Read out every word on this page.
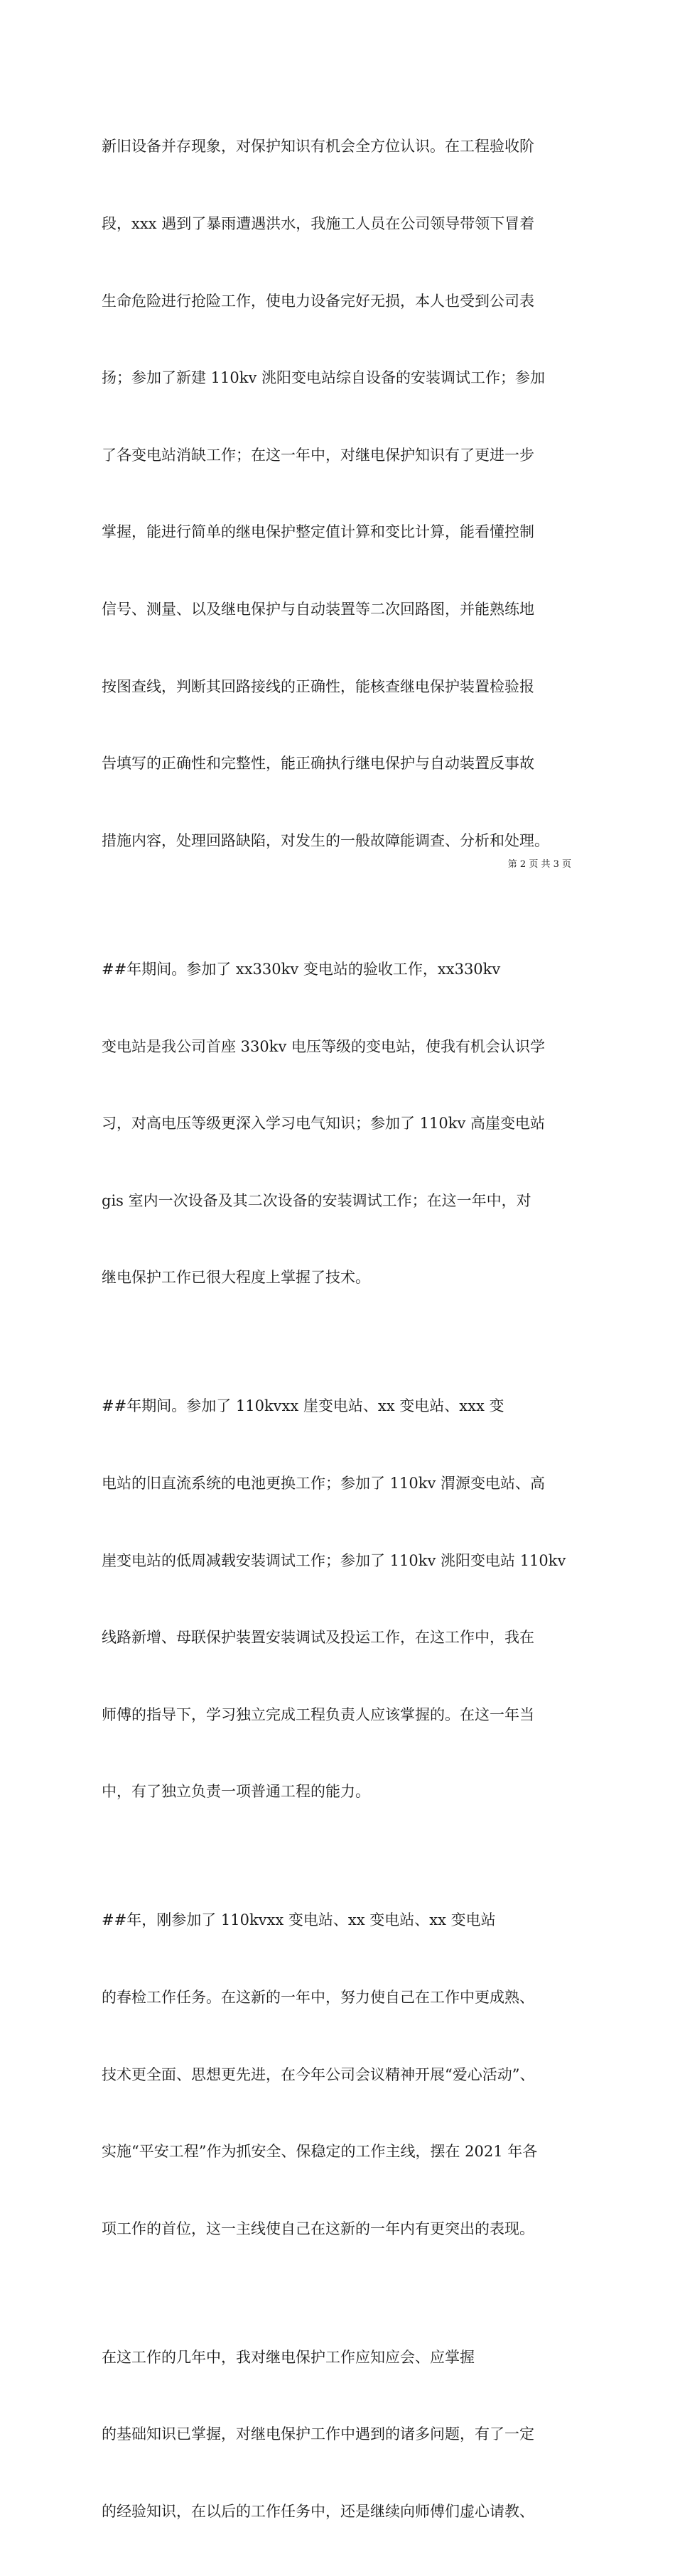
新旧设备并存现象，对保护知识有机会全方位认识。在工程验收阶

段，xxx 遇到了暴雨遭遇洪水，我施工人员在公司领导带领下冒着

生命危险进行抢险工作，使电力设备完好无损，本人也受到公司表

扬；参加了新建 110kv 洮阳变电站综自设备的安装调试工作；参加

了各变电站消缺工作；在这一年中，对继电保护知识有了更进一步

掌握，能进行简单的继电保护整定值计算和变比计算，能看懂控制

信号、测量、以及继电保护与自动装置等二次回路图，并能熟练地

按图查线，判断其回路接线的正确性，能核查继电保护装置检验报

告填写的正确性和完整性，能正确执行继电保护与自动装置反事故

措施内容，处理回路缺陷，对发生的一般故障能调查、分析和处理。

##年期间。参加了 xx330kv 变电站的验收工作，xx330kv

变电站是我公司首座 330kv 电压等级的变电站，使我有机会认识学

习，对高电压等级更深入学习电气知识；参加了 110kv 高崖变电站

gis 室内一次设备及其二次设备的安装调试工作；在这一年中，对

继电保护工作已很大程度上掌握了技术。

##年期间。参加了 110kvxx 崖变电站、xx 变电站、xxx 变

电站的旧直流系统的电池更换工作；参加了 110kv 渭源变电站、高

崖变电站的低周减载安装调试工作；参加了 110kv 洮阳变电站 110kv

线路新增、母联保护装置安装调试及投运工作，在这工作中，我在

师傅的指导下，学习独立完成工程负责人应该掌握的。在这一年当

中，有了独立负责一项普通工程的能力。

##年，刚参加了 110kvxx 变电站、xx 变电站、xx 变电站

的春检工作任务。在这新的一年中，努力使自己在工作中更成熟、

技术更全面、思想更先进，在今年公司会议精神开展“爱心活动”、

实施“平安工程”作为抓安全、保稳定的工作主线，摆在 2021 年各

项工作的首位，这一主线使自己在这新的一年内有更突出的表现。

在这工作的几年中，我对继电保护工作应知应会、应掌握

的基础知识已掌握，对继电保护工作中遇到的诸多问题，有了一定

的经验知识，在以后的工作任务中，还是继续向师傅们虚心请教、

第 2 页 共 3 页
